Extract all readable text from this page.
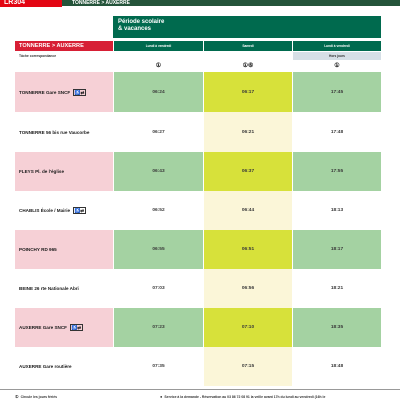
LR304	TONNERRE > AUXERRE
Période scolaire
& vacances
TONNERRE > AUXERRE
Tâche correspondance
Lundi à vendredi	Samedi	Lundi à vendredi
Hors jours
①	①⑥	①
TONNERRE Gare SNCF ♿⇄	06:24	06:17	17:45
TONNERRE 56 bis rue Vaucorbe	06:27	06:21	17:48
FLEYS Pl. de l'église	06:43	06:37	17:55
CHABLIS École / Mairie ♿⇄	06:52	06:44	18:13
POINCHY RD 965	06:55	06:51	18:17
BEINE 26 rte Nationale Abri	07:03	06:56	18:21
AUXERRE Gare SNCF ♿⇄	07:23	07:10	18:35
AUXERRE Gare routière	07:35	07:15	18:48
① Circule les jours fériés	● Service à la demande - Réservation au 03 86 72 08 91 la veille avant 17h du lundi au vendredi (16h le
